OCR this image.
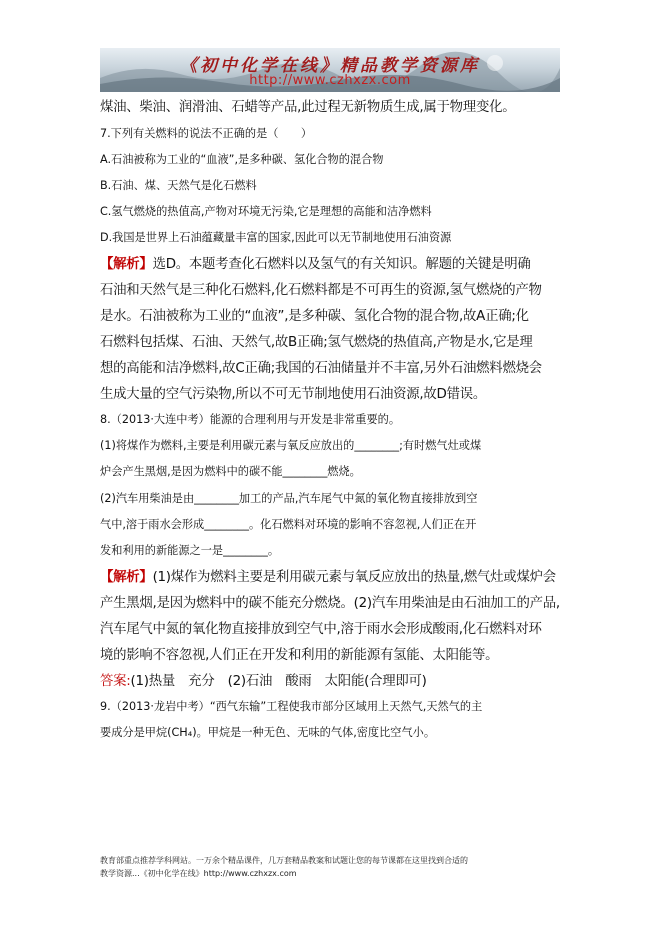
《初中化学在线》精品教学资源库
http://www.czhxzx.com
煤油、柴油、润滑油、石蜡等产品,此过程无新物质生成,属于物理变化。
7.下列有关燃料的说法不正确的是（　　）
A.石油被称为工业的“血液”,是多种碳、氢化合物的混合物
B.石油、煤、天然气是化石燃料
C.氢气燃烧的热值高,产物对环境无污染,它是理想的高能和洁净燃料
D.我国是世界上石油蕴藏量丰富的国家,因此可以无节制地使用石油资源
【解析】选D。本题考查化石燃料以及氢气的有关知识。解题的关键是明确
石油和天然气是三种化石燃料,化石燃料都是不可再生的资源,氢气燃烧的产物
是水。石油被称为工业的“血液”,是多种碳、氢化合物的混合物,故A正确;化
石燃料包括煤、石油、天然气,故B正确;氢气燃烧的热值高,产物是水,它是理
想的高能和洁净燃料,故C正确;我国的石油储量并不丰富,另外石油燃料燃烧会
生成大量的空气污染物,所以不可无节制地使用石油资源,故D错误。
8.（2013·大连中考）能源的合理利用与开发是非常重要的。
(1)将煤作为燃料,主要是利用碳元素与氧反应放出的________;有时燃气灶或煤
炉会产生黑烟,是因为燃料中的碳不能________燃烧。
(2)汽车用柴油是由________加工的产品,汽车尾气中氮的氧化物直接排放到空
气中,溶于雨水会形成________。化石燃料对环境的影响不容忽视,人们正在开
发和利用的新能源之一是________。
【解析】(1)煤作为燃料主要是利用碳元素与氧反应放出的热量,燃气灶或煤炉会
产生黑烟,是因为燃料中的碳不能充分燃烧。(2)汽车用柴油是由石油加工的产品,
汽车尾气中氮的氧化物直接排放到空气中,溶于雨水会形成酸雨,化石燃料对环
境的影响不容忽视,人们正在开发和利用的新能源有氢能、太阳能等。
答案:(1)热量　充分　(2)石油　酸雨　太阳能(合理即可)
9.（2013·龙岩中考）“西气东输”工程使我市部分区域用上天然气,天然气的主
要成分是甲烷(CH₄)。甲烷是一种无色、无味的气体,密度比空气小。
教育部重点推荐学科网站。一万余个精品课件，几万套精品教案和试题让您的每节课都在这里找到合适的
教学资源...《初中化学在线》http://www.czhxzx.com
